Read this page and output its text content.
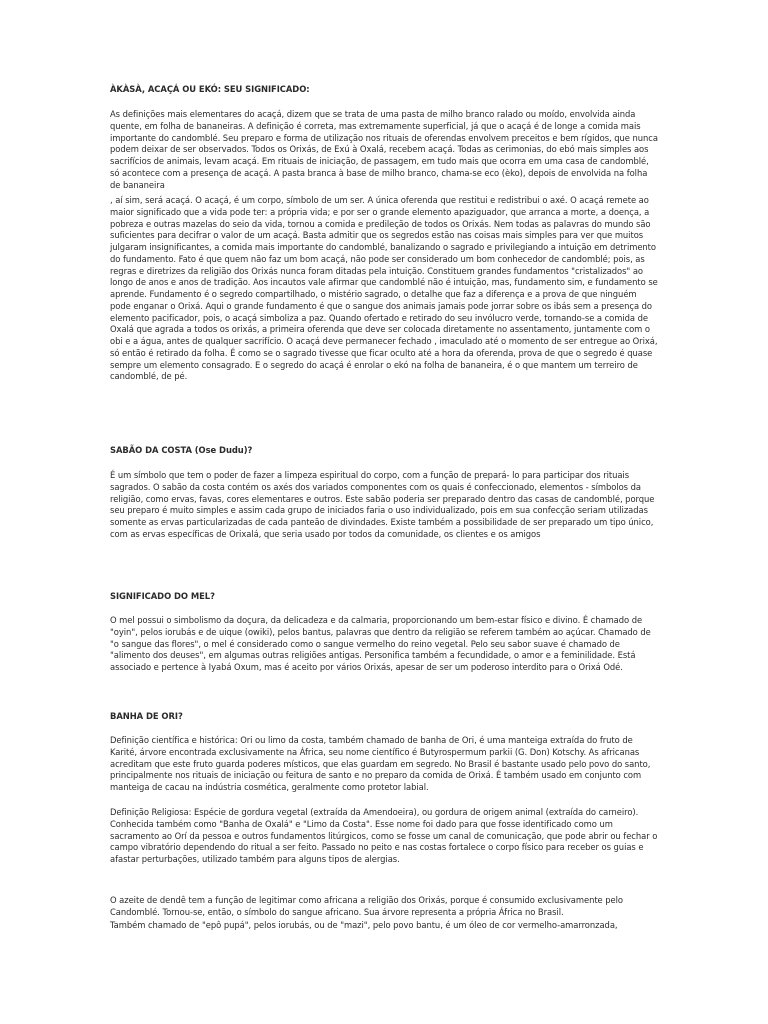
ÀKÀSÀ, ACAÇÁ OU EKÓ: SEU SIGNIFICADO:

As definições mais elementares do acaçá, dizem que se trata de uma pasta de milho branco ralado ou moído, envolvida ainda quente, em folha de bananeiras. A definição é correta, mas extremamente superficial, já que o acaçá é de longe a comida mais importante do candomblé. Seu preparo e forma de utilização nos rituais de oferendas envolvem preceitos e bem rígidos, que nunca podem deixar de ser observados. Todos os Orixás, de Exú à Oxalá, recebem acaçá. Todas as cerimonias, do ebó mais simples aos sacrifícios de animais, levam acaçá. Em rituais de iniciação, de passagem, em tudo mais que ocorra em uma casa de candomblé, só acontece com a presença de acaçá. A pasta branca à base de milho branco, chama-se eco (èko), depois de envolvida na folha de bananeira

, aí sim, será acaçá. O acaçá, é um corpo, símbolo de um ser. A única oferenda que restitui e redistribui o axé. O acaçá remete ao maior significado que a vida pode ter: a própria vida; e por ser o grande elemento apaziguador, que arranca a morte, a doença, a pobreza e outras mazelas do seio da vida, tornou a comida e predileção de todos os Orixás. Nem todas as palavras do mundo são suficientes para decifrar o valor de um acaçá. Basta admitir que os segredos estão nas coisas mais simples para ver que muitos julgaram insignificantes, a comida mais importante do candomblé, banalizando o sagrado e privilegiando a intuição em detrimento do fundamento. Fato é que quem não faz um bom acaçá, não pode ser considerado um bom conhecedor de candomblé; pois, as regras e diretrizes da religião dos Orixás nunca foram ditadas pela intuição. Constituem grandes fundamentos "cristalizados" ao longo de anos e anos de tradição. Aos incautos vale afirmar que candomblé não é intuição, mas, fundamento sim, e fundamento se aprende. Fundamento é o segredo compartilhado, o mistério sagrado, o detalhe que faz a diferença e a prova de que ninguém pode enganar o Orixá. Aqui o grande fundamento é que o sangue dos animais jamais pode jorrar sobre os ibás sem a presença do elemento pacificador, pois, o acaçá simboliza a paz. Quando ofertado e retirado do seu invólucro verde, tornando-se a comida de Oxalá que agrada a todos os orixás, a primeira oferenda que deve ser colocada diretamente no assentamento, juntamente com o obi e a água, antes de qualquer sacrifício. O acaçá deve permanecer fechado , imaculado até o momento de ser entregue ao Orixá, só então é retirado da folha. É como se o sagrado tivesse que ficar oculto até a hora da oferenda, prova de que o segredo é quase sempre um elemento consagrado. E o segredo do acaçá é enrolar o ekó na folha de bananeira, é o que mantem um terreiro de candomblé, de pé.

SABÃO DA COSTA (Ose Dudu)?

É um símbolo que tem o poder de fazer a limpeza espiritual do corpo, com a função de prepará- lo para participar dos rituais sagrados. O sabão da costa contém os axés dos variados componentes com os quais é confeccionado, elementos - símbolos da religião, como ervas, favas, cores elementares e outros. Este sabão poderia ser preparado dentro das casas de candomblé, porque seu preparo é muito simples e assim cada grupo de iniciados faria o uso individualizado, pois em sua confecção seriam utilizadas somente as ervas particularizadas de cada panteão de divindades. Existe também a possibilidade de ser preparado um tipo único, com as ervas específicas de Orixalá, que seria usado por todos da comunidade, os clientes e os amigos

SIGNIFICADO DO MEL?

O mel possui o simbolismo da doçura, da delicadeza e da calmaria, proporcionando um bem-estar físico e divino. É chamado de "oyin", pelos iorubás e de uique (owiki), pelos bantus, palavras que dentro da religião se referem também ao açúcar. Chamado de "o sangue das flores", o mel é considerado como o sangue vermelho do reino vegetal. Pelo seu sabor suave é chamado de "alimento dos deuses", em algumas outras religiões antigas. Personifica também a fecundidade, o amor e a feminilidade. Está associado e pertence à Iyabá Oxum, mas é aceito por vários Orixás, apesar de ser um poderoso interdito para o Orixá Odé.

BANHA DE ORI?

Definição científica e histórica: Ori ou limo da costa, também chamado de banha de Ori, é uma manteiga extraída do fruto de Karité, árvore encontrada exclusivamente na África, seu nome científico é Butyrospermum parkii (G. Don) Kotschy. As africanas acreditam que este fruto guarda poderes místicos, que elas guardam em segredo. No Brasil é bastante usado pelo povo do santo, principalmente nos rituais de iniciação ou feitura de santo e no preparo da comida de Orixá. É também usado em conjunto com manteiga de cacau na indústria cosmética, geralmente como protetor labial.

Definição Religiosa: Espécie de gordura vegetal (extraída da Amendoeira), ou gordura de origem animal (extraída do carneiro). Conhecida também como "Banha de Oxalá" e "Limo da Costa". Esse nome foi dado para que fosse identificado como um sacramento ao Orí da pessoa e outros fundamentos litúrgicos, como se fosse um canal de comunicação, que pode abrir ou fechar o campo vibratório dependendo do ritual a ser feito. Passado no peito e nas costas fortalece o corpo físico para receber os guias e afastar perturbações, utilizado também para alguns tipos de alergias.

O azeite de dendê tem a função de legitimar como africana a religião dos Orixás, porque é consumido exclusivamente pelo Candomblé. Tornou-se, então, o símbolo do sangue africano. Sua árvore representa a própria África no Brasil.

Também chamado de "epô pupá", pelos iorubás, ou de "mazi", pelo povo bantu, é um óleo de cor vermelho-amarronzada,
